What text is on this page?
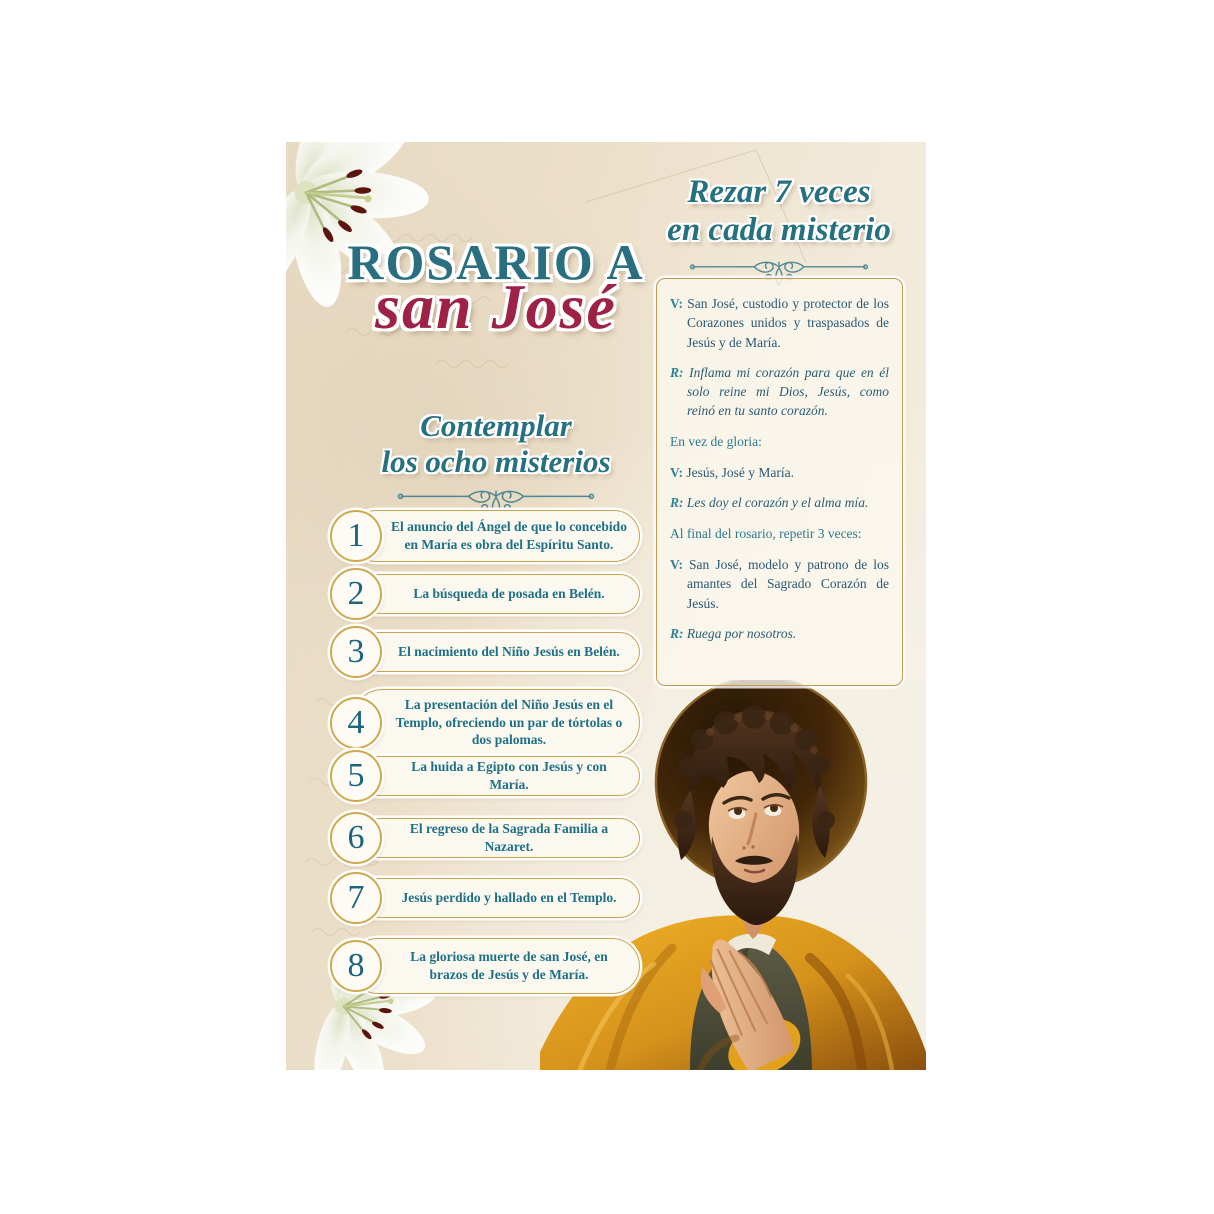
ROSARIO A
san José
Contemplar
los ocho misterios
Rezar 7 veces
en cada misterio

V: San José, custodio y protector de los Corazones unidos y traspasados de Jesús y de María.

R: Inflama mi corazón para que en él solo reine mi Dios, Jesús, como reinó en tu santo corazón.

En vez de gloria:

V: Jesús, José y María.

R: Les doy el corazón y el alma mía.

Al final del rosario, repetir 3 veces:

V: San José, modelo y patrono de los amantes del Sagrado Corazón de Jesús.

R: Ruega por nosotros.

El anuncio del Ángel de que lo concebido en María es obra del Espíritu Santo.
1
La búsqueda de posada en Belén.
2
El nacimiento del Niño Jesús en Belén.
3
La presentación del Niño Jesús en el Templo, ofreciendo un par de tórtolas o dos palomas.
4
La huida a Egipto con Jesús y con María.
5
El regreso de la Sagrada Familia a Nazaret.
6
Jesús perdido y hallado en el Templo.
7
La gloriosa muerte de san José, en brazos de Jesús y de María.
8
